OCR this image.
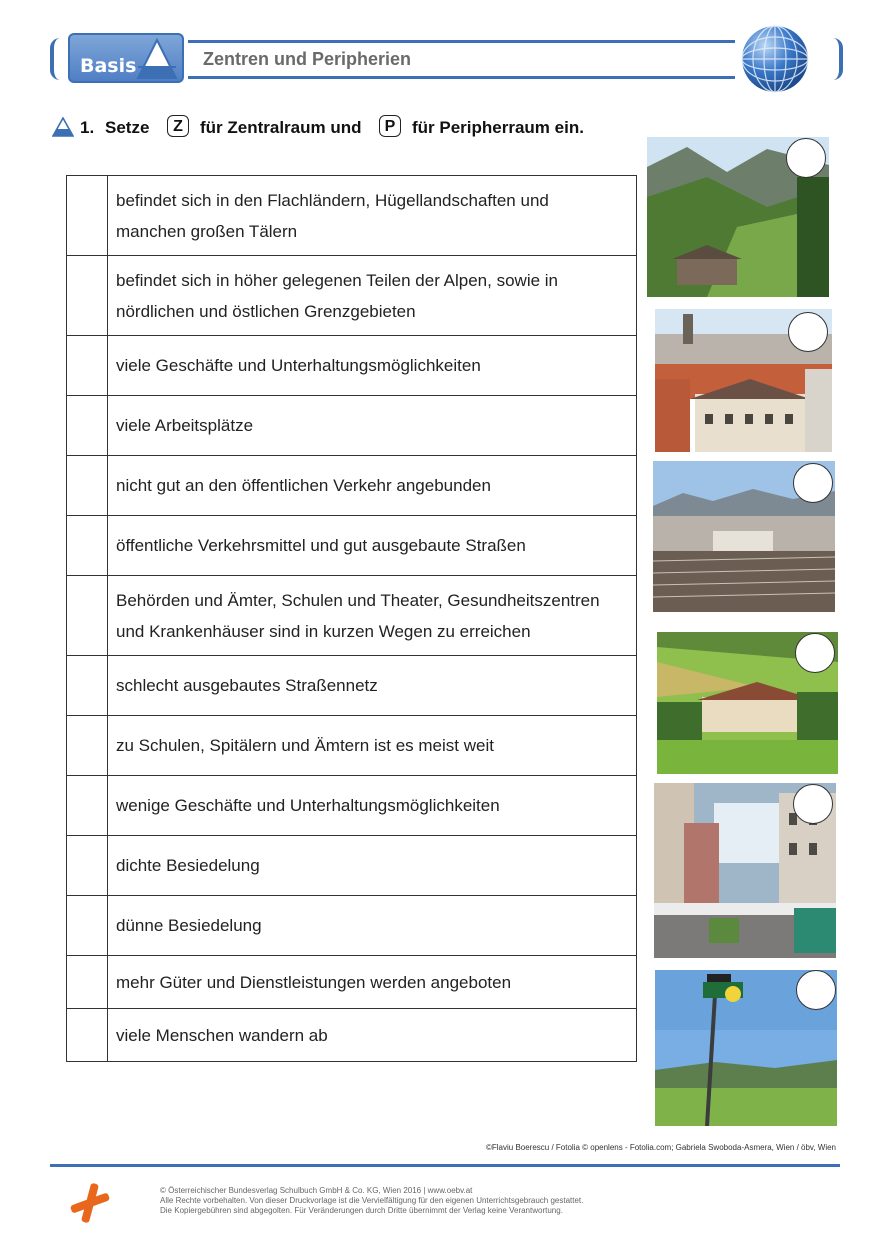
Basis	Zentren und Peripherien
1. Setze	Z	für Zentralraum und	P für Peripherraum ein.
befindet sich in den Flachländern, Hügellandschaften und
manchen großen Tälern
befindet sich in höher gelegenen Teilen der Alpen, sowie in
nördlichen und östlichen Grenzgebieten
viele Geschäfte und Unterhaltungsmöglichkeiten
viele Arbeitsplätze
nicht gut an den öffentlichen Verkehr angebunden
öffentliche Verkehrsmittel und gut ausgebaute Straßen
Behörden und Ämter, Schulen und Theater, Gesundheitszentren
und Krankenhäuser sind in kurzen Wegen zu erreichen
schlecht ausgebautes Straßennetz
zu Schulen, Spitälern und Ämtern ist es meist weit
wenige Geschäfte und Unterhaltungsmöglichkeiten
dichte Besiedelung
dünne Besiedelung
mehr Güter und Dienstleistungen werden angeboten
viele Menschen wandern ab
©Flaviu Boerescu / Fotolia © openlens - Fotolia.com; Gabriela Swoboda-Asmera, Wien / öbv, Wien
© Österreichischer Bundesverlag Schulbuch GmbH & Co. KG, Wien 2016 | www.oebv.at
Alle Rechte vorbehalten. Von dieser Druckvorlage ist die Vervielfältigung für den eigenen Unterrichtsgebrauch gestattet.
Die Kopiergebühren sind abgegolten. Für Veränderungen durch Dritte übernimmt der Verlag keine Verantwortung.
